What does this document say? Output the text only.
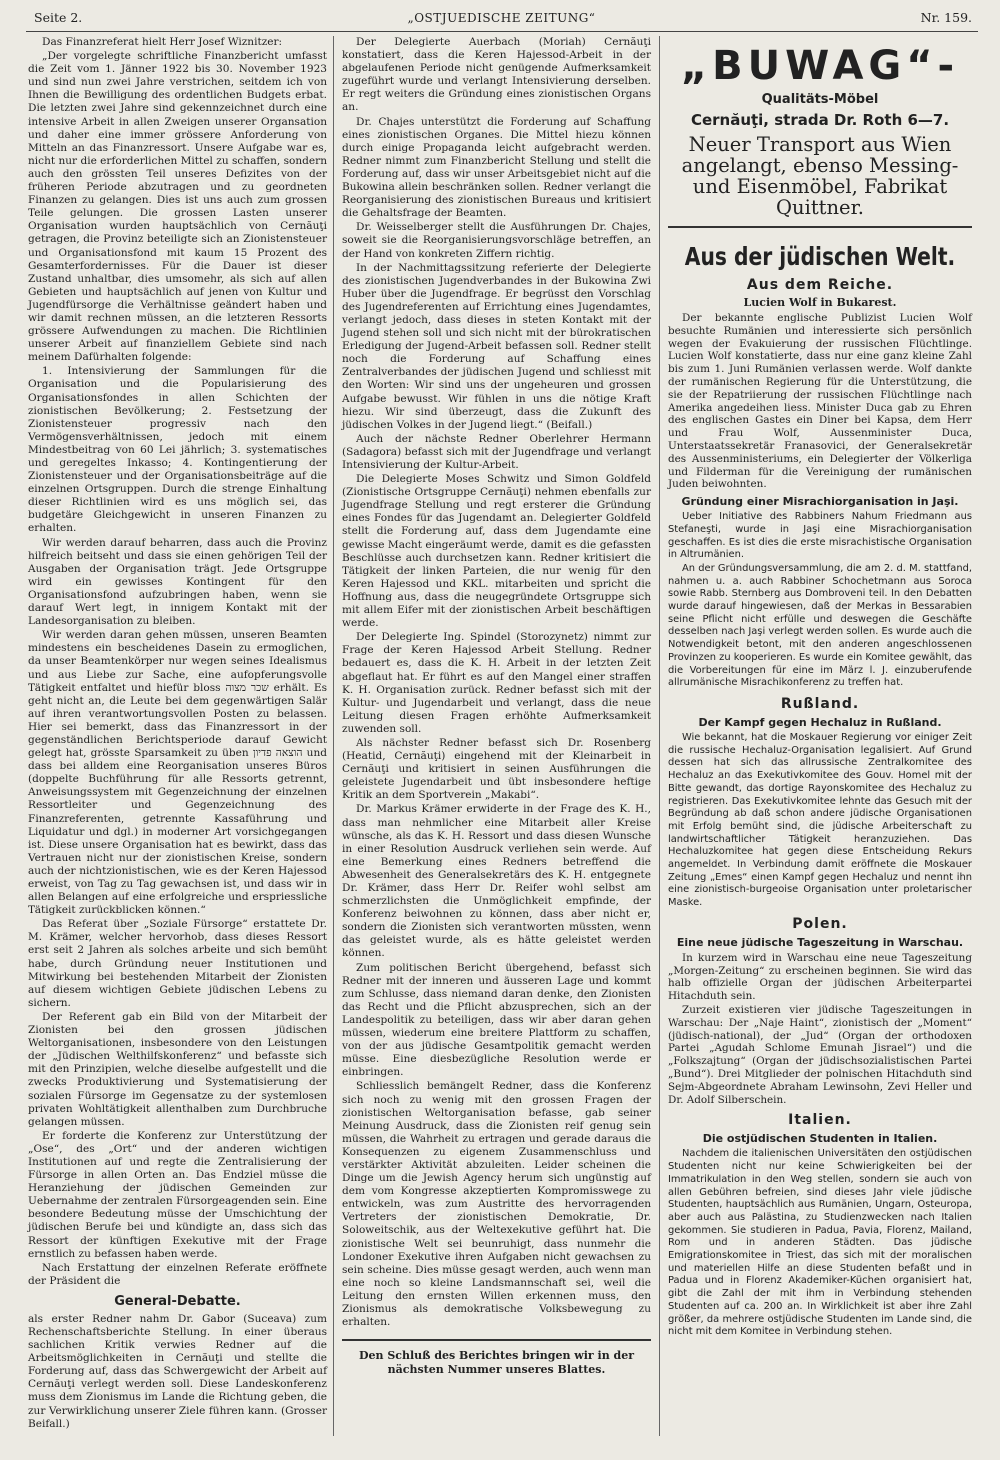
Seite 2.	„OSTJUEDISCHE ZEITUNG“	Nr. 159.

Das Finanzreferat hielt Herr Josef Wiznitzer:

„Der vorgelegte schriftliche Finanzbericht umfasst die Zeit vom 1. Jänner 1922 bis 30. November 1923 und sind nun zwei Jahre verstrichen, seitdem ich von Ihnen die Bewilligung des ordentlichen Budgets erbat. Die letzten zwei Jahre sind gekennzeichnet durch eine intensive Arbeit in allen Zweigen unserer Organsation und daher eine immer grössere Anforderung von Mitteln an das Finanzressort. Unsere Aufgabe war es, nicht nur die erforderlichen Mittel zu schaffen, sondern auch den grössten Teil unseres Defizites von der früheren Periode abzutragen und zu geordneten Finanzen zu gelangen. Dies ist uns auch zum grossen Teile gelungen. Die grossen Lasten unserer Organisation wurden hauptsächlich von Cernăuţi getragen, die Provinz beteiligte sich an Zionistensteuer und Organisationsfond mit kaum 15 Prozent des Gesamterfordernisses. Für die Dauer ist dieser Zustand unhaltbar, dies umsomehr, als sich auf allen Gebieten und hauptsächlich auf jenen von Kultur und Jugendfürsorge die Verhältnisse geändert haben und wir damit rechnen müssen, an die letzteren Ressorts grössere Aufwendungen zu machen. Die Richtlinien unserer Arbeit auf finanziellem Gebiete sind nach meinem Dafürhalten folgende:

1. Intensivierung der Sammlungen für die Organisation und die Popularisierung des Organisationsfondes in allen Schichten der zionistischen Bevölkerung; 2. Festsetzung der Zionistensteuer progressiv nach den Vermögensverhältnissen, jedoch mit einem Mindestbeitrag von 60 Lei jährlich; 3. systematisches und geregeltes Inkasso; 4. Kontingentierung der Zionistensteuer und der Organisationsbeiträge auf die einzelnen Ortsgruppen. Durch die strenge Einhaltung dieser Richtlinien wird es uns möglich sei, das budgetäre Gleichgewicht in unseren Finanzen zu erhalten.

Wir werden darauf beharren, dass auch die Provinz hilfreich beitseht und dass sie einen gehörigen Teil der Ausgaben der Organisation trägt. Jede Ortsgruppe wird ein gewisses Kontingent für den Organisationsfond aufzubringen haben, wenn sie darauf Wert legt, in innigem Kontakt mit der Landesorganisation zu bleiben.

Wir werden daran gehen müssen, unseren Beamten mindestens ein bescheidenes Dasein zu ermoglichen, da unser Beamtenkörper nur wegen seines Idealismus und aus Liebe zur Sache, eine aufopferungsvolle Tätigkeit entfaltet und hiefür bloss שכר מצוה erhält. Es geht nicht an, die Leute bei dem gegenwärtigen Salär auf ihren verantwortungsvollen Posten zu belassen. Hier sei bemerkt, dass das Finanzressort in der gegenständlichen Berichtsperiode darauf Gewicht gelegt hat, grösste Sparsamkeit zu üben הוצאה פדיון und dass bei alldem eine Reorganisation unseres Büros (doppelte Buchführung für alle Ressorts getrennt, Anweisungssystem mit Gegenzeichnung der einzelnen Ressortleiter und Gegenzeichnung des Finanzreferenten, getrennte Kassaführung und Liquidatur und dgl.) in moderner Art vorsichgegangen ist. Diese unsere Organisation hat es bewirkt, dass das Vertrauen nicht nur der zionistischen Kreise, sondern auch der nichtzionistischen, wie es der Keren Hajessod erweist, von Tag zu Tag gewachsen ist, und dass wir in allen Belangen auf eine erfolgreiche und erspriessliche Tätigkeit zurückblicken können.“

Das Referat über „Soziale Fürsorge“ erstattete Dr. M. Krämer, welcher hervorhob, dass dieses Ressort erst seit 2 Jahren als solches arbeite und sich bemüht habe, durch Gründung neuer Institutionen und Mitwirkung bei bestehenden Mitarbeit der Zionisten auf diesem wichtigen Gebiete jüdischen Lebens zu sichern.

Der Referent gab ein Bild von der Mitarbeit der Zionisten bei den grossen jüdischen Weltorganisationen, insbesondere von den Leistungen der „Jüdischen Welthilfskonferenz“ und befasste sich mit den Prinzipien, welche dieselbe aufgestellt und die zwecks Produktivierung und Systematisierung der sozialen Fürsorge im Gegensatze zu der systemlosen privaten Wohltätigkeit allenthalben zum Durchbruche gelangen müssen.

Er forderte die Konferenz zur Unterstützung der „Ose“, des „Ort“ und der anderen wichtigen Institutionen auf und regte die Zentralisierung der Fürsorge in allen Orten an. Das Endziel müsse die Heranziehung der jüdischen Gemeinden zur Uebernahme der zentralen Fürsorgeagenden sein. Eine besondere Bedeutung müsse der Umschichtung der jüdischen Berufe bei und kündigte an, dass sich das Ressort der künftigen Exekutive mit der Frage ernstlich zu befassen haben werde.

Nach Erstattung der einzelnen Referate eröffnete der Präsident die

General-Debatte.

als erster Redner nahm Dr. Gabor (Suceava) zum Rechenschaftsberichte Stellung. In einer überaus sachlichen Kritik verwies Redner auf die Arbeitsmöglichkeiten in Cernăuţi und stellte die Forderung auf, dass das Schwergewicht der Arbeit auf Cernăuţi verlegt werden soll. Diese Landeskonferenz muss dem Zionismus im Lande die Richtung geben, die zur Verwirklichung unserer Ziele führen kann. (Grosser Beifall.)

Der Delegierte Auerbach (Moriah) Cernăuţi konstatiert, dass die Keren Hajessod-Arbeit in der abgelaufenen Periode nicht genügende Aufmerksamkeit zugeführt wurde und verlangt Intensivierung derselben. Er regt weiters die Gründung eines zionistischen Organs an.

Dr. Chajes unterstützt die Forderung auf Schaffung eines zionistischen Organes. Die Mittel hiezu können durch einige Propaganda leicht aufgebracht werden. Redner nimmt zum Finanzbericht Stellung und stellt die Forderung auf, dass wir unser Arbeitsgebiet nicht auf die Bukowina allein beschränken sollen. Redner verlangt die Reorganisierung des zionistischen Bureaus und kritisiert die Gehaltsfrage der Beamten.

Dr. Weisselberger stellt die Ausführungen Dr. Chajes, soweit sie die Reorganisierungsvorschläge betreffen, an der Hand von konkreten Ziffern richtig.

In der Nachmittagssitzung referierte der Delegierte des zionistischen Jugendverbandes in der Bukowina Zwi Huber über die Jugendfrage. Er begrüsst den Vorschlag des Jugendreferenten auf Errichtung eines Jugendamtes, verlangt jedoch, dass dieses in steten Kontakt mit der Jugend stehen soll und sich nicht mit der bürokratischen Erledigung der Jugend-Arbeit befassen soll. Redner stellt noch die Forderung auf Schaffung eines Zentralverbandes der jüdischen Jugend und schliesst mit den Worten: Wir sind uns der ungeheuren und grossen Aufgabe bewusst. Wir fühlen in uns die nötige Kraft hiezu. Wir sind überzeugt, dass die Zukunft des jüdischen Volkes in der Jugend liegt.“ (Beifall.)

Auch der nächste Redner Oberlehrer Hermann (Sadagora) befasst sich mit der Jugendfrage und verlangt Intensivierung der Kultur-Arbeit.

Die Delegierte Moses Schwitz und Simon Goldfeld (Zionistische Ortsgruppe Cernăuţi) nehmen ebenfalls zur Jugendfrage Stellung und regt ersterer die Gründung eines Fondes für das Jugendamt an. Delegierter Goldfeld stellt die Forderung auf, dass dem Jugendamte eine gewisse Macht eingeräumt werde, damit es die gefassten Beschlüsse auch durchsetzen kann. Redner kritisiert die Tätigkeit der linken Parteien, die nur wenig für den Keren Hajessod und KKL. mitarbeiten und spricht die Hoffnung aus, dass die neugegründete Ortsgruppe sich mit allem Eifer mit der zionistischen Arbeit beschäftigen werde.

Der Delegierte Ing. Spindel (Storozynetz) nimmt zur Frage der Keren Hajessod Arbeit Stellung. Redner bedauert es, dass die K. H. Arbeit in der letzten Zeit abgeflaut hat. Er führt es auf den Mangel einer straffen K. H. Organisation zurück. Redner befasst sich mit der Kultur- und Jugendarbeit und verlangt, dass die neue Leitung diesen Fragen erhöhte Aufmerksamkeit zuwenden soll.

Als nächster Redner befasst sich Dr. Rosenberg (Heatid, Cernăuţi) eingehend mit der Kleinarbeit in Cernăuţi und kritisiert in seinen Ausführungen die geleistete Jugendarbeit und übt insbesondere heftige Kritik an dem Sportverein „Makabi“.

Dr. Markus Krämer erwiderte in der Frage des K. H., dass man nehmlicher eine Mitarbeit aller Kreise wünsche, als das K. H. Ressort und dass diesen Wunsche in einer Resolution Ausdruck verliehen sein werde. Auf eine Bemerkung eines Redners betreffend die Abwesenheit des Generalsekretärs des K. H. entgegnete Dr. Krämer, dass Herr Dr. Reifer wohl selbst am schmerzlichsten die Unmöglichkeit empfinde, der Konferenz beiwohnen zu können, dass aber nicht er, sondern die Zionisten sich verantworten müssten, wenn das geleistet wurde, als es hätte geleistet werden können.

Zum politischen Bericht übergehend, befasst sich Redner mit der inneren und äusseren Lage und kommt zum Schlusse, dass niemand daran denke, den Zionisten das Recht und die Pflicht abzusprechen, sich an der Landespolitik zu beteiligen, dass wir aber daran gehen müssen, wiederum eine breitere Plattform zu schaffen, von der aus jüdische Gesamtpolitik gemacht werden müsse. Eine diesbezügliche Resolution werde er einbringen.

Schliesslich bemängelt Redner, dass die Konferenz sich noch zu wenig mit den grossen Fragen der zionistischen Weltorganisation befasse, gab seiner Meinung Ausdruck, dass die Zionisten reif genug sein müssen, die Wahrheit zu ertragen und gerade daraus die Konsequenzen zu eigenem Zusammenschluss und verstärkter Aktivität abzuleiten. Leider scheinen die Dinge um die Jewish Agency herum sich ungünstig auf dem vom Kongresse akzeptierten Kompromisswege zu entwickeln, was zum Austritte des hervorragenden Vertreters der zionistischen Demokratie, Dr. Soloweitschik, aus der Weltexekutive geführt hat. Die zionistische Welt sei beunruhigt, dass nunmehr die Londoner Exekutive ihren Aufgaben nicht gewachsen zu sein scheine. Dies müsse gesagt werden, auch wenn man eine noch so kleine Landsmannschaft sei, weil die Leitung den ernsten Willen erkennen muss, den Zionismus als demokratische Volksbewegung zu erhalten.

Den Schluß des Berichtes bringen wir in der nächsten Nummer unseres Blattes.

„BUWAG“-
Qualitäts-Möbel
Cernăuţi, strada Dr. Roth 6—7.
Neuer Transport aus Wien angelangt, ebenso Messing- und Eisenmöbel, Fabrikat Quittner.
Aus der jüdischen Welt.
Aus dem Reiche.
Lucien Wolf in Bukarest.

Der bekannte englische Publizist Lucien Wolf besuchte Rumänien und interessierte sich persönlich wegen der Evakuierung der russischen Flüchtlinge. Lucien Wolf konstatierte, dass nur eine ganz kleine Zahl bis zum 1. Juni Rumänien verlassen werde. Wolf dankte der rumänischen Regierung für die Unterstützung, die sie der Repatriierung der russischen Flüchtlinge nach Amerika angedeihen liess. Minister Duca gab zu Ehren des englischen Gastes ein Diner bei Kapsa, dem Herr und Frau Wolf, Aussenminister Duca, Unterstaatssekretär Franasovici, der Generalsekretär des Aussenministeriums, ein Delegierter der Völkerliga und Filderman für die Vereinigung der rumänischen Juden beiwohnten.

Gründung einer Misrachiorganisation in Jaşi.

Ueber Initiative des Rabbiners Nahum Friedmann aus Stefaneşti, wurde in Jaşi eine Misrachiorganisation geschaffen. Es ist dies die erste misrachistische Organisation in Altrumänien.

An der Gründungsversammlung, die am 2. d. M. stattfand, nahmen u. a. auch Rabbiner Schochetmann aus Soroca sowie Rabb. Sternberg aus Dombroveni teil. In den Debatten wurde darauf hingewiesen, daß der Merkas in Bessarabien seine Pflicht nicht erfülle und deswegen die Geschäfte desselben nach Jaşi verlegt werden sollen. Es wurde auch die Notwendigkeit betont, mit den anderen angeschlossenen Provinzen zu kooperieren. Es wurde ein Komitee gewählt, das die Vorbereitungen für eine im März l. J. einzuberufende allrumänische Misrachikonferenz zu treffen hat.

Rußland.
Der Kampf gegen Hechaluz in Rußland.

Wie bekannt, hat die Moskauer Regierung vor einiger Zeit die russische Hechaluz-Organisation legalisiert. Auf Grund dessen hat sich das allrussische Zentralkomitee des Hechaluz an das Exekutivkomitee des Gouv. Homel mit der Bitte gewandt, das dortige Rayonskomitee des Hechaluz zu registrieren. Das Exekutivkomitee lehnte das Gesuch mit der Begründung ab daß schon andere jüdische Organisationen mit Erfolg bemüht sind, die jüdische Arbeiterschaft zu landwirtschaftlicher Tätigkeit heranzuziehen. Das Hechaluzkomitee hat gegen diese Entscheidung Rekurs angemeldet. In Verbindung damit eröffnete die Moskauer Zeitung „Emes“ einen Kampf gegen Hechaluz und nennt ihn eine zionistisch-burgeoise Organisation unter proletarischer Maske.

Polen.
Eine neue jüdische Tageszeitung in Warschau.

In kurzem wird in Warschau eine neue Tageszeitung „Morgen-Zeitung“ zu erscheinen beginnen. Sie wird das halb offizielle Organ der jüdischen Arbeiterpartei Hitachduth sein.

Zurzeit existieren vier jüdische Tageszeitungen in Warschau: Der „Naje Haint“, zionistisch der „Moment“ (jüdisch-national), der „Jud“ (Organ der orthodoxen Partei „Agudah Schlome Emunah Jisrael“) und die „Folkszajtung“ (Organ der jüdischsozialistischen Partei „Bund“). Drei Mitglieder der polnischen Hitachduth sind Sejm-Abgeordnete Abraham Lewinsohn, Zevi Heller und Dr. Adolf Silberschein.

Italien.
Die ostjüdischen Studenten in Italien.

Nachdem die italienischen Universitäten den ostjüdischen Studenten nicht nur keine Schwierigkeiten bei der Immatrikulation in den Weg stellen, sondern sie auch von allen Gebühren befreien, sind dieses Jahr viele jüdische Studenten, hauptsächlich aus Rumänien, Ungarn, Osteuropa, aber auch aus Palästina, zu Studienzwecken nach Italien gekommen. Sie studieren in Padua, Pavia, Florenz, Mailand, Rom und in anderen Städten. Das jüdische Emigrationskomitee in Triest, das sich mit der moralischen und materiellen Hilfe an diese Studenten befaßt und in Padua und in Florenz Akademiker-Küchen organisiert hat, gibt die Zahl der mit ihm in Verbindung stehenden Studenten auf ca. 200 an. In Wirklichkeit ist aber ihre Zahl größer, da mehrere ostjüdische Studenten im Lande sind, die nicht mit dem Komitee in Verbindung stehen.
